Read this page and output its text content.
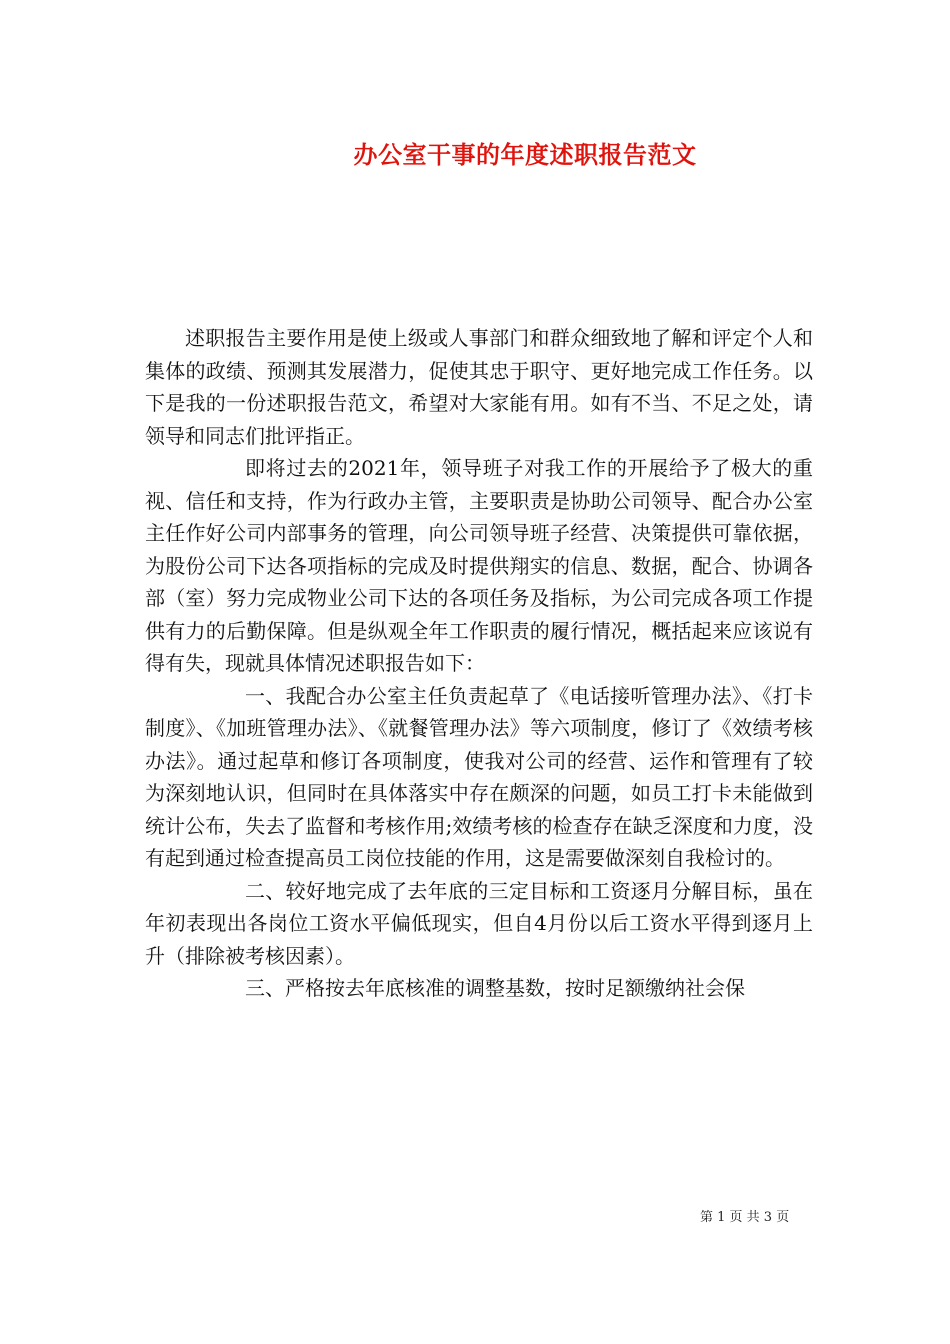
办公室干事的年度述职报告范文

述职报告主要作用是使上级或人事部门和群众细致地了解和评定个人和集体的政绩、预测其发展潜力，促使其忠于职守、更好地完成工作任务。以下是我的一份述职报告范文，希望对大家能有用。如有不当、不足之处，请领导和同志们批评指正。

即将过去的2021年，领导班子对我工作的开展给予了极大的重视、信任和支持，作为行政办主管，主要职责是协助公司领导、配合办公室主任作好公司内部事务的管理，向公司领导班子经营、决策提供可靠依据，为股份公司下达各项指标的完成及时提供翔实的信息、数据，配合、协调各部（室）努力完成物业公司下达的各项任务及指标，为公司完成各项工作提供有力的后勤保障。但是纵观全年工作职责的履行情况，概括起来应该说有得有失，现就具体情况述职报告如下：

一、我配合办公室主任负责起草了《电话接听管理办法》、《打卡制度》、《加班管理办法》、《就餐管理办法》等六项制度，修订了《效绩考核办法》。通过起草和修订各项制度，使我对公司的经营、运作和管理有了较为深刻地认识，但同时在具体落实中存在颇深的问题，如员工打卡未能做到统计公布，失去了监督和考核作用;效绩考核的检查存在缺乏深度和力度，没有起到通过检查提高员工岗位技能的作用，这是需要做深刻自我检讨的。

二、较好地完成了去年底的三定目标和工资逐月分解目标，虽在年初表现出各岗位工资水平偏低现实，但自4月份以后工资水平得到逐月上升（排除被考核因素）。

三、严格按去年底核准的调整基数，按时足额缴纳社会保

第 1 页 共 3 页
